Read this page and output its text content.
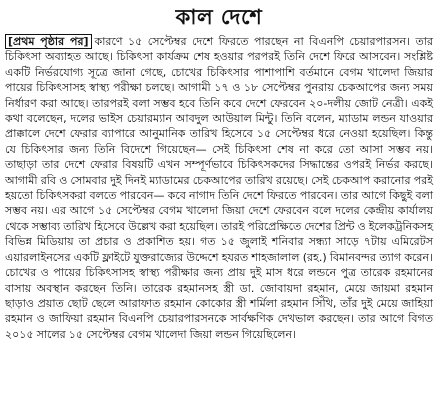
কাল দেশে

[প্রথম পৃষ্ঠার পর] কারণে ১৫ সেপ্টেম্বর দেশে ফিরতে পারছেন না বিএনপি চেয়ারপারসন। তার চিকিৎসা অব্যাহত আছে। চিকিৎসা কার্যক্রম শেষ হওয়ার পরপরই তিনি দেশে ফিরে আসবেন। সংশ্লিষ্ট একটি নির্ভরযোগ্য সূত্রে জানা গেছে, চোখের চিকিৎসার পাশাপাশি বর্তমানে বেগম খালেদা জিয়ার পায়ের চিকিৎসাসহ স্বাস্থ্য পরীক্ষা চলছে। আগামী ১৭ ও ১৮ সেপ্টেম্বর পুনরায় চেকআপের জন্য সময় নির্ধারণ করা আছে। তারপরই বলা সম্ভব হবে তিনি কবে দেশে ফেরবেন ২০-দলীয় জোট নেত্রী। একই কথা বলেছেন, দলের ভাইস চেয়ারম্যান আবদুল আউয়াল মিন্টু। তিনি বলেন, ম্যাডাম লন্ডন যাওয়ার প্রাক্কালে দেশে ফেরার ব্যাপারে আনুমানিক তারিখ হিসেবে ১৫ সেপ্টেম্বর ধরে নেওয়া হয়েছিল। কিন্তু যে চিকিৎসার জন্য তিনি বিদেশে গিয়েছেন— সেই চিকিৎসা শেষ না করে তো আসা সম্ভব নয়। তাছাড়া তার দেশে ফেরার বিষয়টি এখন সম্পূর্ণভাবে চিকিৎসকদের সিদ্ধান্তের ওপরই নির্ভর করছে। আগামী রবি ও সোমবার দুই দিনই ম্যাডামের চেকআপের তারিখ রয়েছে। সেই চেকআপ করানোর পরই হয়তো চিকিৎসকরা বলতে পারবেন— কবে নাগাদ তিনি দেশে ফিরতে পারবেন। তার আগে কিছুই বলা সম্ভব নয়। এর আগে ১৫ সেপ্টেম্বর বেগম খালেদা জিয়া দেশে ফেরবেন বলে দলের কেন্দ্রীয় কার্যালয় থেকে সম্ভাব্য তারিখ হিসেবে উল্লেখ করা হয়েছিল। তারই পরিপ্রেক্ষিতে দেশের প্রিন্ট ও ইলেকট্রনিকসহ বিভিন্ন মিডিয়ায় তা প্রচার ও প্রকাশিত হয়। গত ১৫ জুলাই শনিবার সন্ধ্যা সাড়ে ৭টায় এমিরেটস এয়ারলাইনসের একটি ফ্লাইটে যুক্তরাজ্যের উদ্দেশে হযরত শাহজালাল (রহ.) বিমানবন্দর ত্যাগ করেন। চোখের ও পায়ের চিকিৎসাসহ স্বাস্থ্য পরীক্ষার জন্য প্রায় দুই মাস ধরে লন্ডনে পুত্র তারেক রহমানের বাসায় অবস্থান করছেন তিনি। তারেক রহমানসহ স্ত্রী ডা. জোবায়দা রহমান, মেয়ে জায়মা রহমান ছাড়াও প্রয়াত ছোট ছেলে আরাফাত রহমান কোকোর স্ত্রী শর্মিলা রহমান সিঁথি, তাঁর দুই মেয়ে জাহিয়া রহমান ও জাফিয়া রহমান বিএনপি চেয়ারপারসনকে সার্বক্ষণিক দেখভাল করছেন। তার আগে বিগত ২০১৫ সালের ১৫ সেপ্টেম্বর বেগম খালেদা জিয়া লন্ডন গিয়েছিলেন।
